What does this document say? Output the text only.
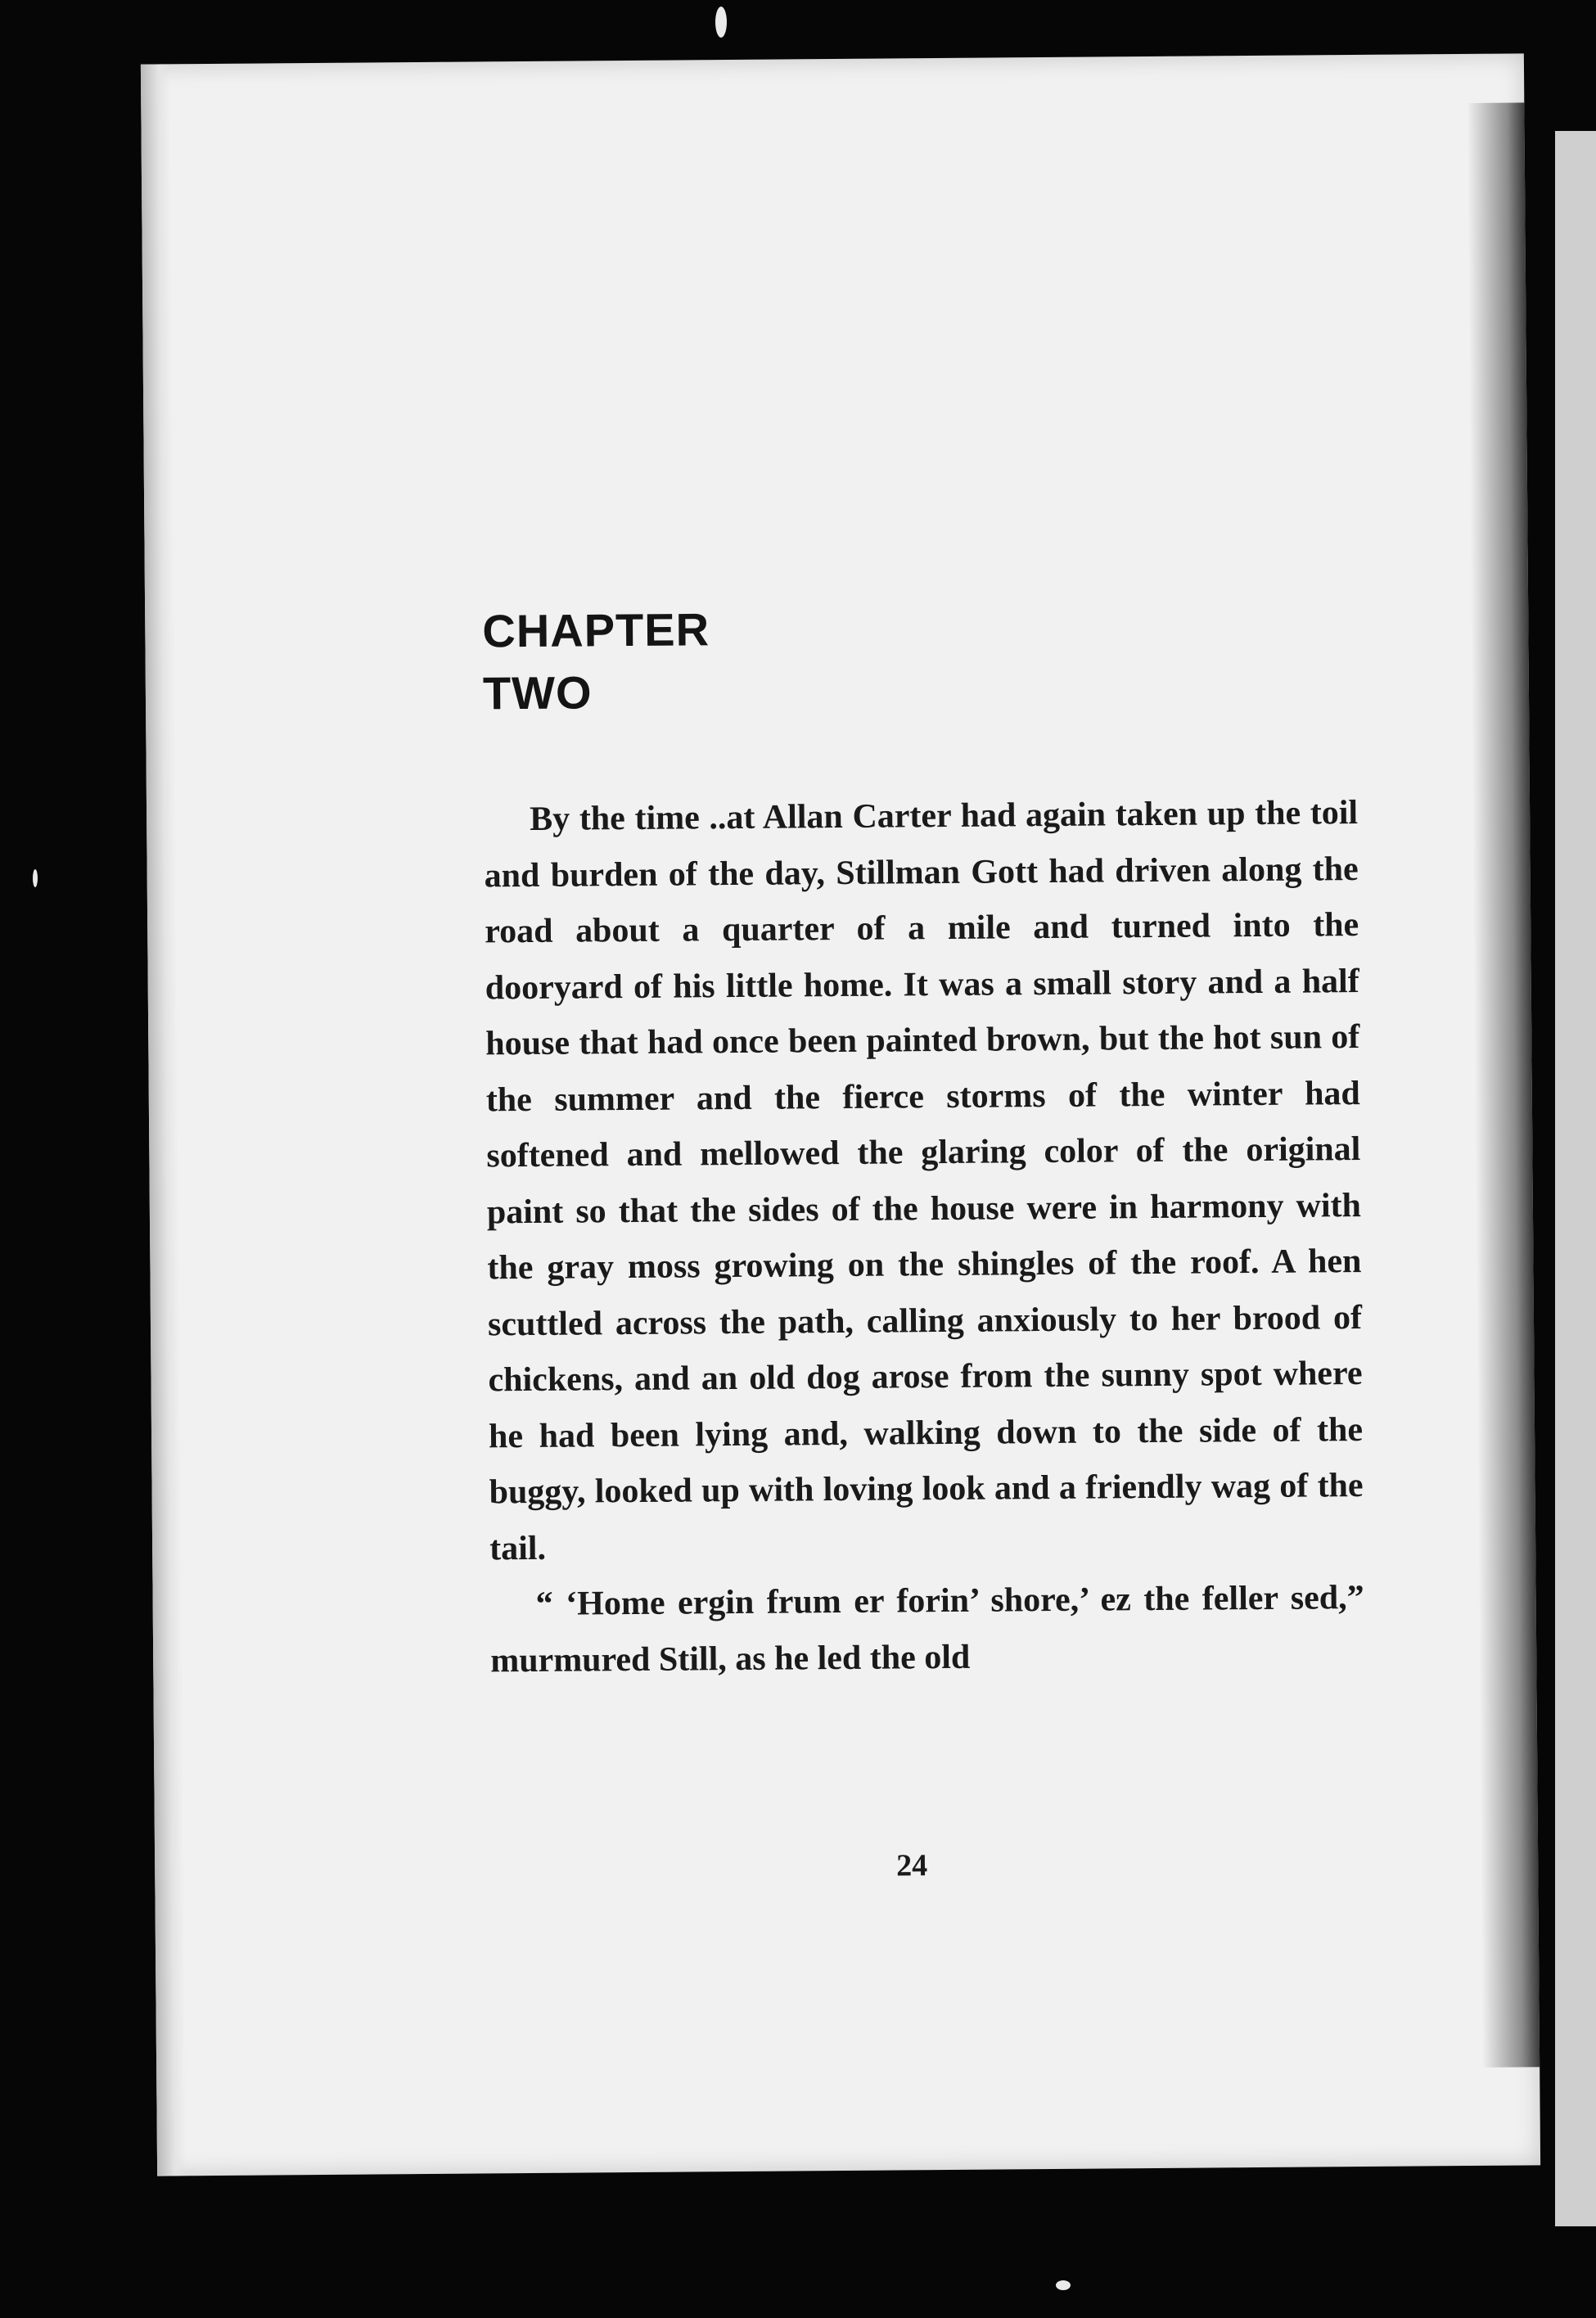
CHAPTER
TWO

By the time ..at Allan Carter had again taken up the toil and burden of the day, Stillman Gott had driven along the road about a quarter of a mile and turned into the dooryard of his little home. It was a small story and a half house that had once been painted brown, but the hot sun of the summer and the fierce storms of the winter had softened and mellowed the glaring color of the original paint so that the sides of the house were in harmony with the gray moss growing on the shingles of the roof. A hen scuttled across the path, calling anxiously to her brood of chickens, and an old dog arose from the sunny spot where he had been lying and, walking down to the side of the buggy, looked up with loving look and a friendly wag of the tail.

“ ‘Home ergin frum er forin’ shore,’ ez the feller sed,” murmured Still, as he led the old

24
